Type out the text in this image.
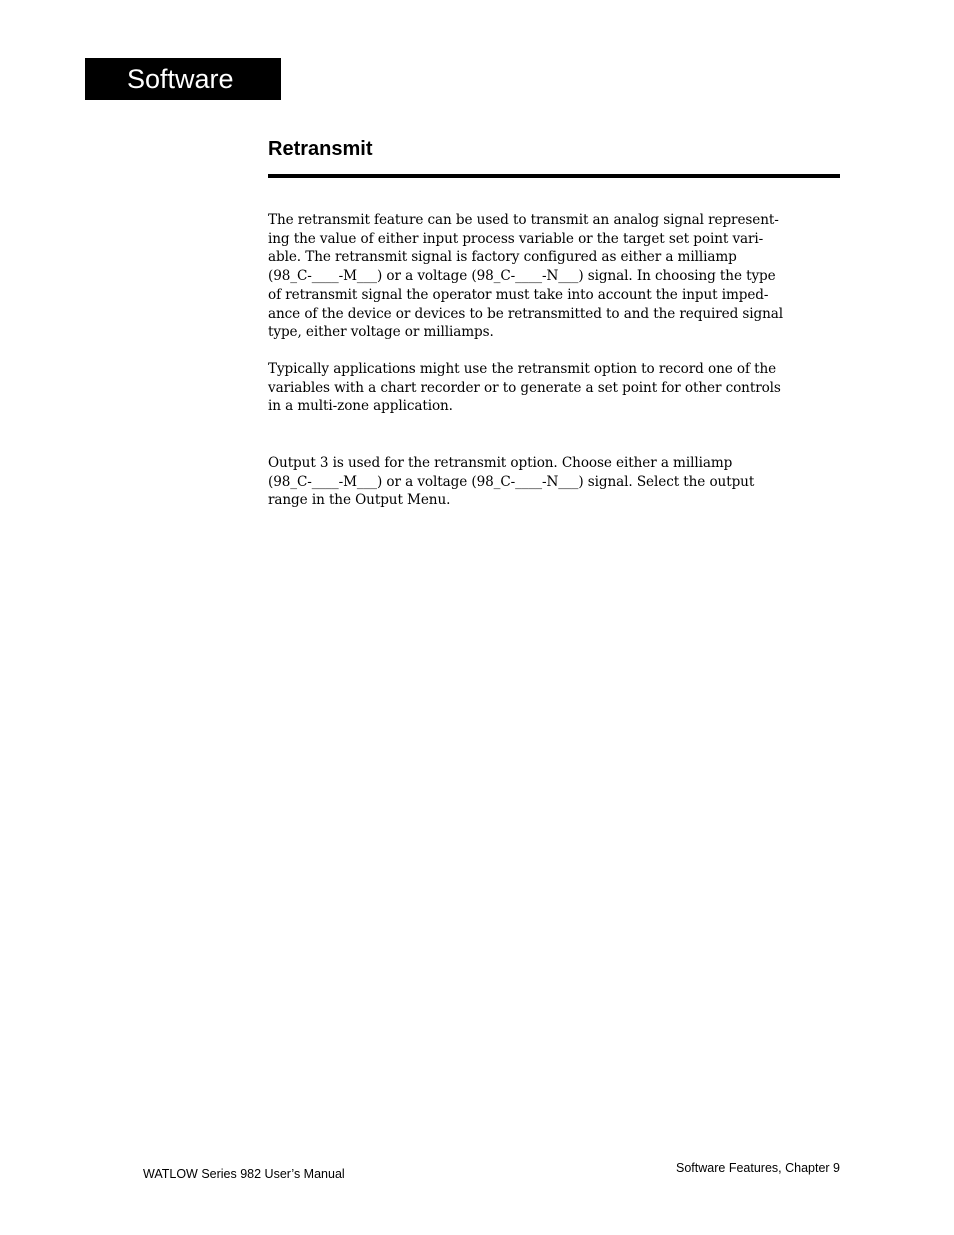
Software
Retransmit

The retransmit feature can be used to transmit an analog signal represent-
ing the value of either input process variable or the target set point vari-
able. The retransmit signal is factory configured as either a milliamp
(98_C-____-M___) or a voltage (98_C-____-N___) signal. In choosing the type
of retransmit signal the operator must take into account the input imped-
ance of the device or devices to be retransmitted to and the required signal
type, either voltage or milliamps.

Typically applications might use the retransmit option to record one of the
variables with a chart recorder or to generate a set point for other controls
in a multi-zone application.

Output 3 is used for the retransmit option. Choose either a milliamp
(98_C-____-M___) or a voltage (98_C-____-N___) signal. Select the output
range in the Output Menu.

WATLOW Series 982 User’s Manual	Software Features, Chapter 9
